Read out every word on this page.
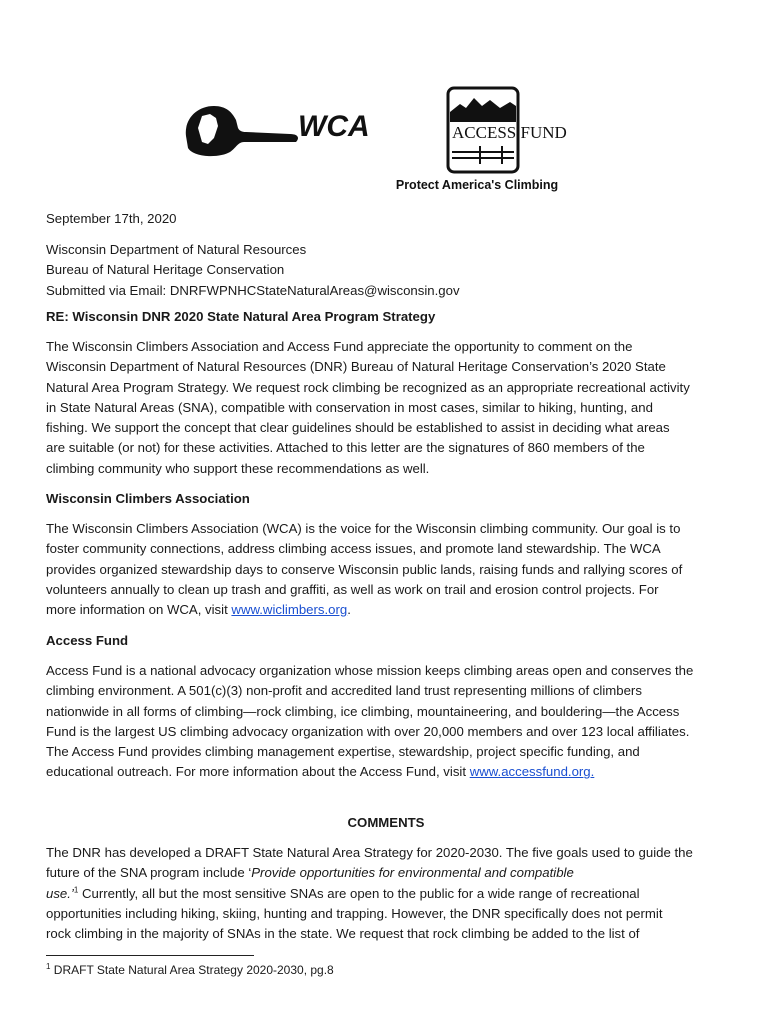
WCA	ACCESS FUND
Protect America's Climbing
September 17th, 2020
Wisconsin Department of Natural Resources
Bureau of Natural Heritage Conservation
Submitted via Email: DNRFWPNHCStateNaturalAreas@wisconsin.gov
RE: Wisconsin DNR 2020 State Natural Area Program Strategy
The Wisconsin Climbers Association and Access Fund appreciate the opportunity to comment on the
Wisconsin Department of Natural Resources (DNR) Bureau of Natural Heritage Conservation’s 2020 State
Natural Area Program Strategy. We request rock climbing be recognized as an appropriate recreational activity
in State Natural Areas (SNA), compatible with conservation in most cases, similar to hiking, hunting, and
fishing. We support the concept that clear guidelines should be established to assist in deciding what areas
are suitable (or not) for these activities. Attached to this letter are the signatures of 860 members of the
climbing community who support these recommendations as well.
Wisconsin Climbers Association
The Wisconsin Climbers Association (WCA) is the voice for the Wisconsin climbing community. Our goal is to
foster community connections, address climbing access issues, and promote land stewardship. The WCA
provides organized stewardship days to conserve Wisconsin public lands, raising funds and rallying scores of
volunteers annually to clean up trash and graffiti, as well as work on trail and erosion control projects. For
more information on WCA, visit www.wiclimbers.org.
Access Fund
Access Fund is a national advocacy organization whose mission keeps climbing areas open and conserves the
climbing environment. A 501(c)(3) non-profit and accredited land trust representing millions of climbers
nationwide in all forms of climbing—rock climbing, ice climbing, mountaineering, and bouldering—the Access
Fund is the largest US climbing advocacy organization with over 20,000 members and over 123 local affiliates.
The Access Fund provides climbing management expertise, stewardship, project specific funding, and
educational outreach. For more information about the Access Fund, visit www.accessfund.org.
COMMENTS
The DNR has developed a DRAFT State Natural Area Strategy for 2020-2030. The five goals used to guide the
future of the SNA program include ‘Provide opportunities for environmental and compatible
use.’$^1$ Currently, all but the most sensitive SNAs are open to the public for a wide range of recreational
opportunities including hiking, skiing, hunting and trapping. However, the DNR specifically does not permit
rock climbing in the majority of SNAs in the state. We request that rock climbing be added to the list of
$^1$ DRAFT State Natural Area Strategy 2020-2030, pg.8
